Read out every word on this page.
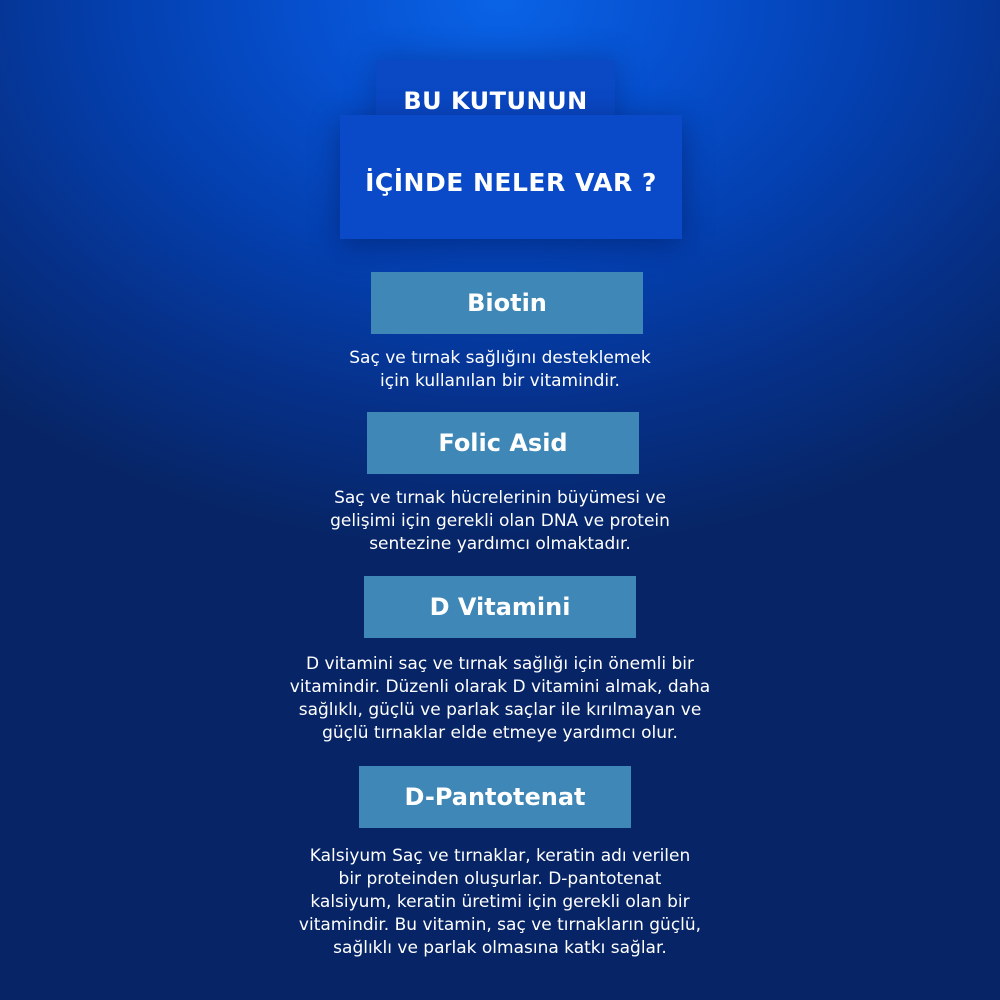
BU KUTUNUN
İÇİNDE NELER VAR ?
Biotin
Saç ve tırnak sağlığını desteklemek
için kullanılan bir vitamindir.
Folic Asid
Saç ve tırnak hücrelerinin büyümesi ve
gelişimi için gerekli olan DNA ve protein
sentezine yardımcı olmaktadır.
D Vitamini
D vitamini saç ve tırnak sağlığı için önemli bir
vitamindir. Düzenli olarak D vitamini almak, daha
sağlıklı, güçlü ve parlak saçlar ile kırılmayan ve
güçlü tırnaklar elde etmeye yardımcı olur.
D-Pantotenat
Kalsiyum Saç ve tırnaklar, keratin adı verilen
bir proteinden oluşurlar. D-pantotenat
kalsiyum, keratin üretimi için gerekli olan bir
vitamindir. Bu vitamin, saç ve tırnakların güçlü,
sağlıklı ve parlak olmasına katkı sağlar.
